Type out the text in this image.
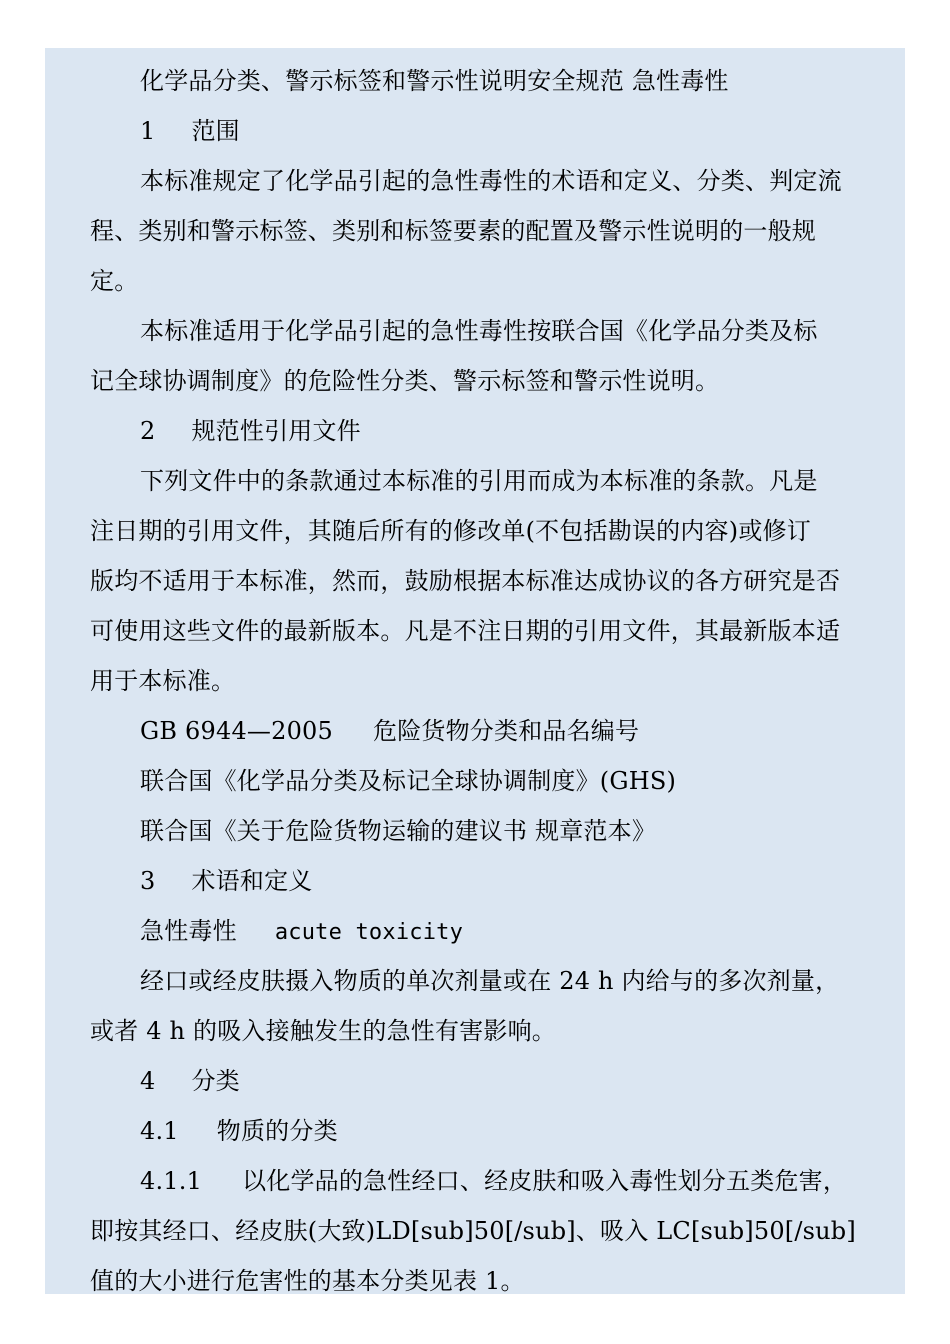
化学品分类、警示标签和警示性说明安全规范 急性毒性
1 范围
本标准规定了化学品引起的急性毒性的术语和定义、分类、判定流
程、类别和警示标签、类别和标签要素的配置及警示性说明的一般规
定。
本标准适用于化学品引起的急性毒性按联合国《化学品分类及标
记全球协调制度》的危险性分类、警示标签和警示性说明。
2 规范性引用文件
下列文件中的条款通过本标准的引用而成为本标准的条款。凡是
注日期的引用文件，其随后所有的修改单(不包括勘误的内容)或修订
版均不适用于本标准，然而，鼓励根据本标准达成协议的各方研究是否
可使用这些文件的最新版本。凡是不注日期的引用文件，其最新版本适
用于本标准。
GB 6944—2005 危险货物分类和品名编号
联合国《化学品分类及标记全球协调制度》(GHS)
联合国《关于危险货物运输的建议书 规章范本》
3 术语和定义
急性毒性 acute toxicity
经口或经皮肤摄入物质的单次剂量或在 24 h 内给与的多次剂量，
或者 4 h 的吸入接触发生的急性有害影响。
4 分类
4.1 物质的分类
4.1.1 以化学品的急性经口、经皮肤和吸入毒性划分五类危害，
即按其经口、经皮肤(大致)LD[sub]50[/sub]、吸入 LC[sub]50[/sub]
值的大小进行危害性的基本分类见表 1。
